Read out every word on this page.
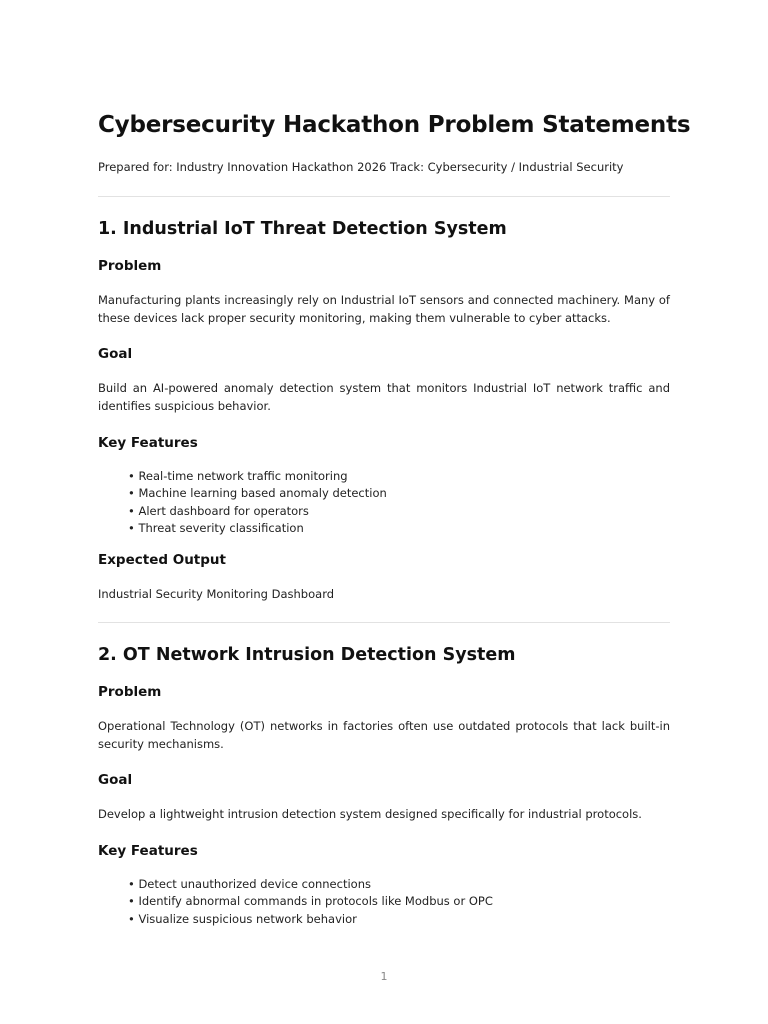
Cybersecurity Hackathon Problem Statements

Prepared for: Industry Innovation Hackathon 2026 Track: Cybersecurity / Industrial Security

1. Industrial IoT Threat Detection System
Problem

Manufacturing plants increasingly rely on Industrial IoT sensors and connected machinery. Many of these devices lack proper security monitoring, making them vulnerable to cyber attacks.

Goal

Build an AI-powered anomaly detection system that monitors Industrial IoT network traffic and identifies suspicious behavior.

Key Features
• Real-time network traffic monitoring
• Machine learning based anomaly detection
• Alert dashboard for operators
• Threat severity classification
Expected Output

Industrial Security Monitoring Dashboard

2. OT Network Intrusion Detection System
Problem

Operational Technology (OT) networks in factories often use outdated protocols that lack built-in security mechanisms.

Goal

Develop a lightweight intrusion detection system designed specifically for industrial protocols.

Key Features
• Detect unauthorized device connections
• Identify abnormal commands in protocols like Modbus or OPC
• Visualize suspicious network behavior

1
